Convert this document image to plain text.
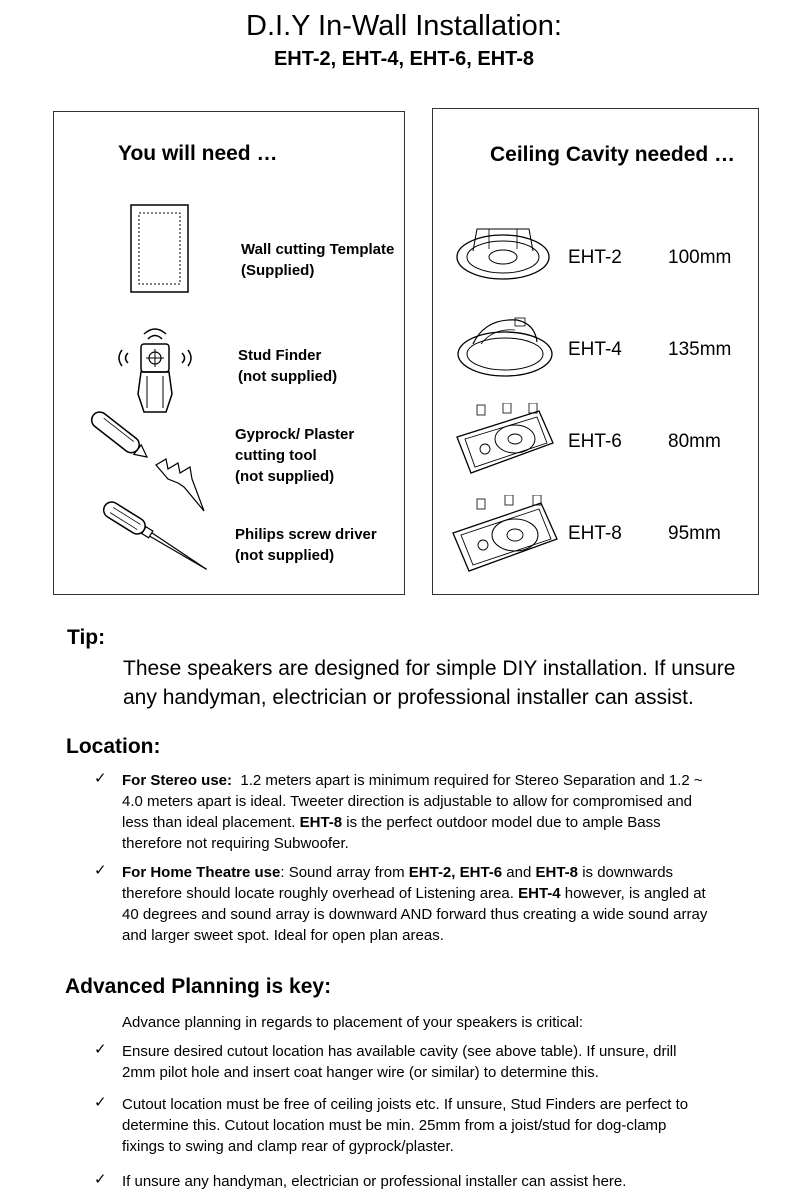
D.I.Y In-Wall Installation:
EHT-2, EHT-4, EHT-6, EHT-8
You will need …
Wall cutting Template
(Supplied)
Stud Finder
(not supplied)
Gyprock/ Plaster
cutting tool
(not supplied)
Philips screw driver
(not supplied)
Ceiling Cavity needed …
EHT-2 100mm
EHT-4 135mm
EHT-6 80mm
EHT-8 95mm
Tip:
These speakers are designed for simple DIY installation. If unsure
any handyman, electrician or professional installer can assist.
Location:
✓ For Stereo use: 1.2 meters apart is minimum required for Stereo Separation and 1.2 ~
4.0 meters apart is ideal. Tweeter direction is adjustable to allow for compromised and
less than ideal placement. EHT-8 is the perfect outdoor model due to ample Bass
therefore not requiring Subwoofer.
✓ For Home Theatre use: Sound array from EHT-2, EHT-6 and EHT-8 is downwards
therefore should locate roughly overhead of Listening area. EHT-4 however, is angled at
40 degrees and sound array is downward AND forward thus creating a wide sound array
and larger sweet spot. Ideal for open plan areas.
Advanced Planning is key:
Advance planning in regards to placement of your speakers is critical:
✓ Ensure desired cutout location has available cavity (see above table). If unsure, drill
2mm pilot hole and insert coat hanger wire (or similar) to determine this.
✓ Cutout location must be free of ceiling joists etc. If unsure, Stud Finders are perfect to
determine this. Cutout location must be min. 25mm from a joist/stud for dog-clamp
fixings to swing and clamp rear of gyprock/plaster.
✓ If unsure any handyman, electrician or professional installer can assist here.
